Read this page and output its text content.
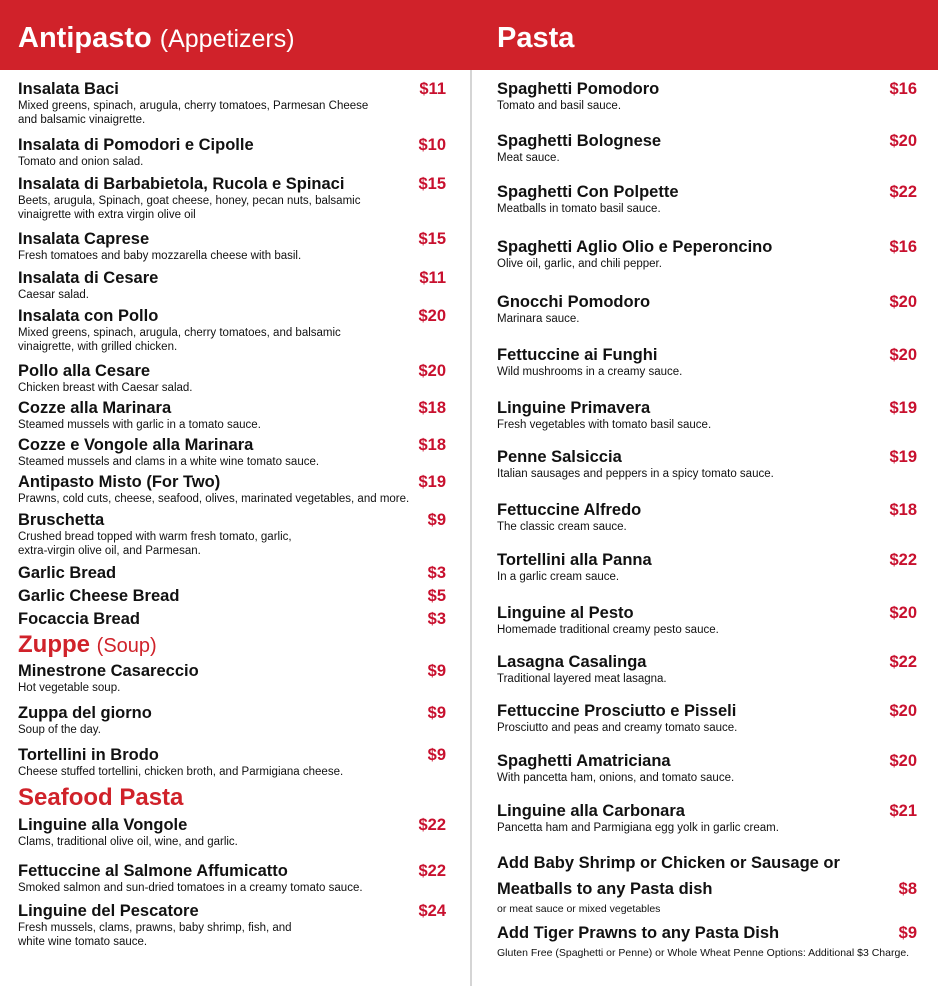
Antipasto (Appetizers)	Pasta
Zuppe (Soup)
Seafood Pasta
Insalata Baci	$11
Mixed greens, spinach, arugula, cherry tomatoes, Parmesan Cheese
and balsamic vinaigrette.
Insalata di Pomodori e Cipolle	$10
Tomato and onion salad.
Insalata di Barbabietola, Rucola e Spinaci	$15
Beets, arugula, Spinach, goat cheese, honey, pecan nuts, balsamic
vinaigrette with extra virgin olive oil
Insalata Caprese	$15
Fresh tomatoes and baby mozzarella cheese with basil.
Insalata di Cesare	$11
Caesar salad.
Insalata con Pollo	$20
Mixed greens, spinach, arugula, cherry tomatoes, and balsamic
vinaigrette, with grilled chicken.
Pollo alla Cesare	$20
Chicken breast with Caesar salad.
Cozze alla Marinara	$18
Steamed mussels with garlic in a tomato sauce.
Cozze e Vongole alla Marinara	$18
Steamed mussels and clams in a white wine tomato sauce.
Antipasto Misto (For Two)	$19
Prawns, cold cuts, cheese, seafood, olives, marinated vegetables, and more.
Bruschetta	$9
Crushed bread topped with warm fresh tomato, garlic,
extra-virgin olive oil, and Parmesan.
Garlic Bread	$3
Garlic Cheese Bread	$5
Focaccia Bread	$3
Minestrone Casareccio	$9
Hot vegetable soup.
Zuppa del giorno	$9
Soup of the day.
Tortellini in Brodo	$9
Cheese stuffed tortellini, chicken broth, and Parmigiana cheese.
Linguine alla Vongole	$22
Clams, traditional olive oil, wine, and garlic.
Fettuccine al Salmone Affumicatto	$22
Smoked salmon and sun-dried tomatoes in a creamy tomato sauce.
Linguine del Pescatore	$24
Fresh mussels, clams, prawns, baby shrimp, fish, and
white wine tomato sauce.
Spaghetti Pomodoro	$16
Tomato and basil sauce.
Spaghetti Bolognese	$20
Meat sauce.
Spaghetti Con Polpette	$22
Meatballs in tomato basil sauce.
Spaghetti Aglio Olio e Peperoncino	$16
Olive oil, garlic, and chili pepper.
Gnocchi Pomodoro	$20
Marinara sauce.
Fettuccine ai Funghi	$20
Wild mushrooms in a creamy sauce.
Linguine Primavera	$19
Fresh vegetables with tomato basil sauce.
Penne Salsiccia	$19
Italian sausages and peppers in a spicy tomato sauce.
Fettuccine Alfredo	$18
The classic cream sauce.
Tortellini alla Panna	$22
In a garlic cream sauce.
Linguine al Pesto	$20
Homemade traditional creamy pesto sauce.
Lasagna Casalinga	$22
Traditional layered meat lasagna.
Fettuccine Prosciutto e Pisseli	$20
Prosciutto and peas and creamy tomato sauce.
Spaghetti Amatriciana	$20
With pancetta ham, onions, and tomato sauce.
Linguine alla Carbonara	$21
Pancetta ham and Parmigiana egg yolk in garlic cream.
Add Baby Shrimp or Chicken or Sausage or
Meatballs to any Pasta dish	$8
or meat sauce or mixed vegetables
Add Tiger Prawns to any Pasta Dish	$9
Gluten Free (Spaghetti or Penne) or Whole Wheat Penne Options: Additional $3 Charge.
